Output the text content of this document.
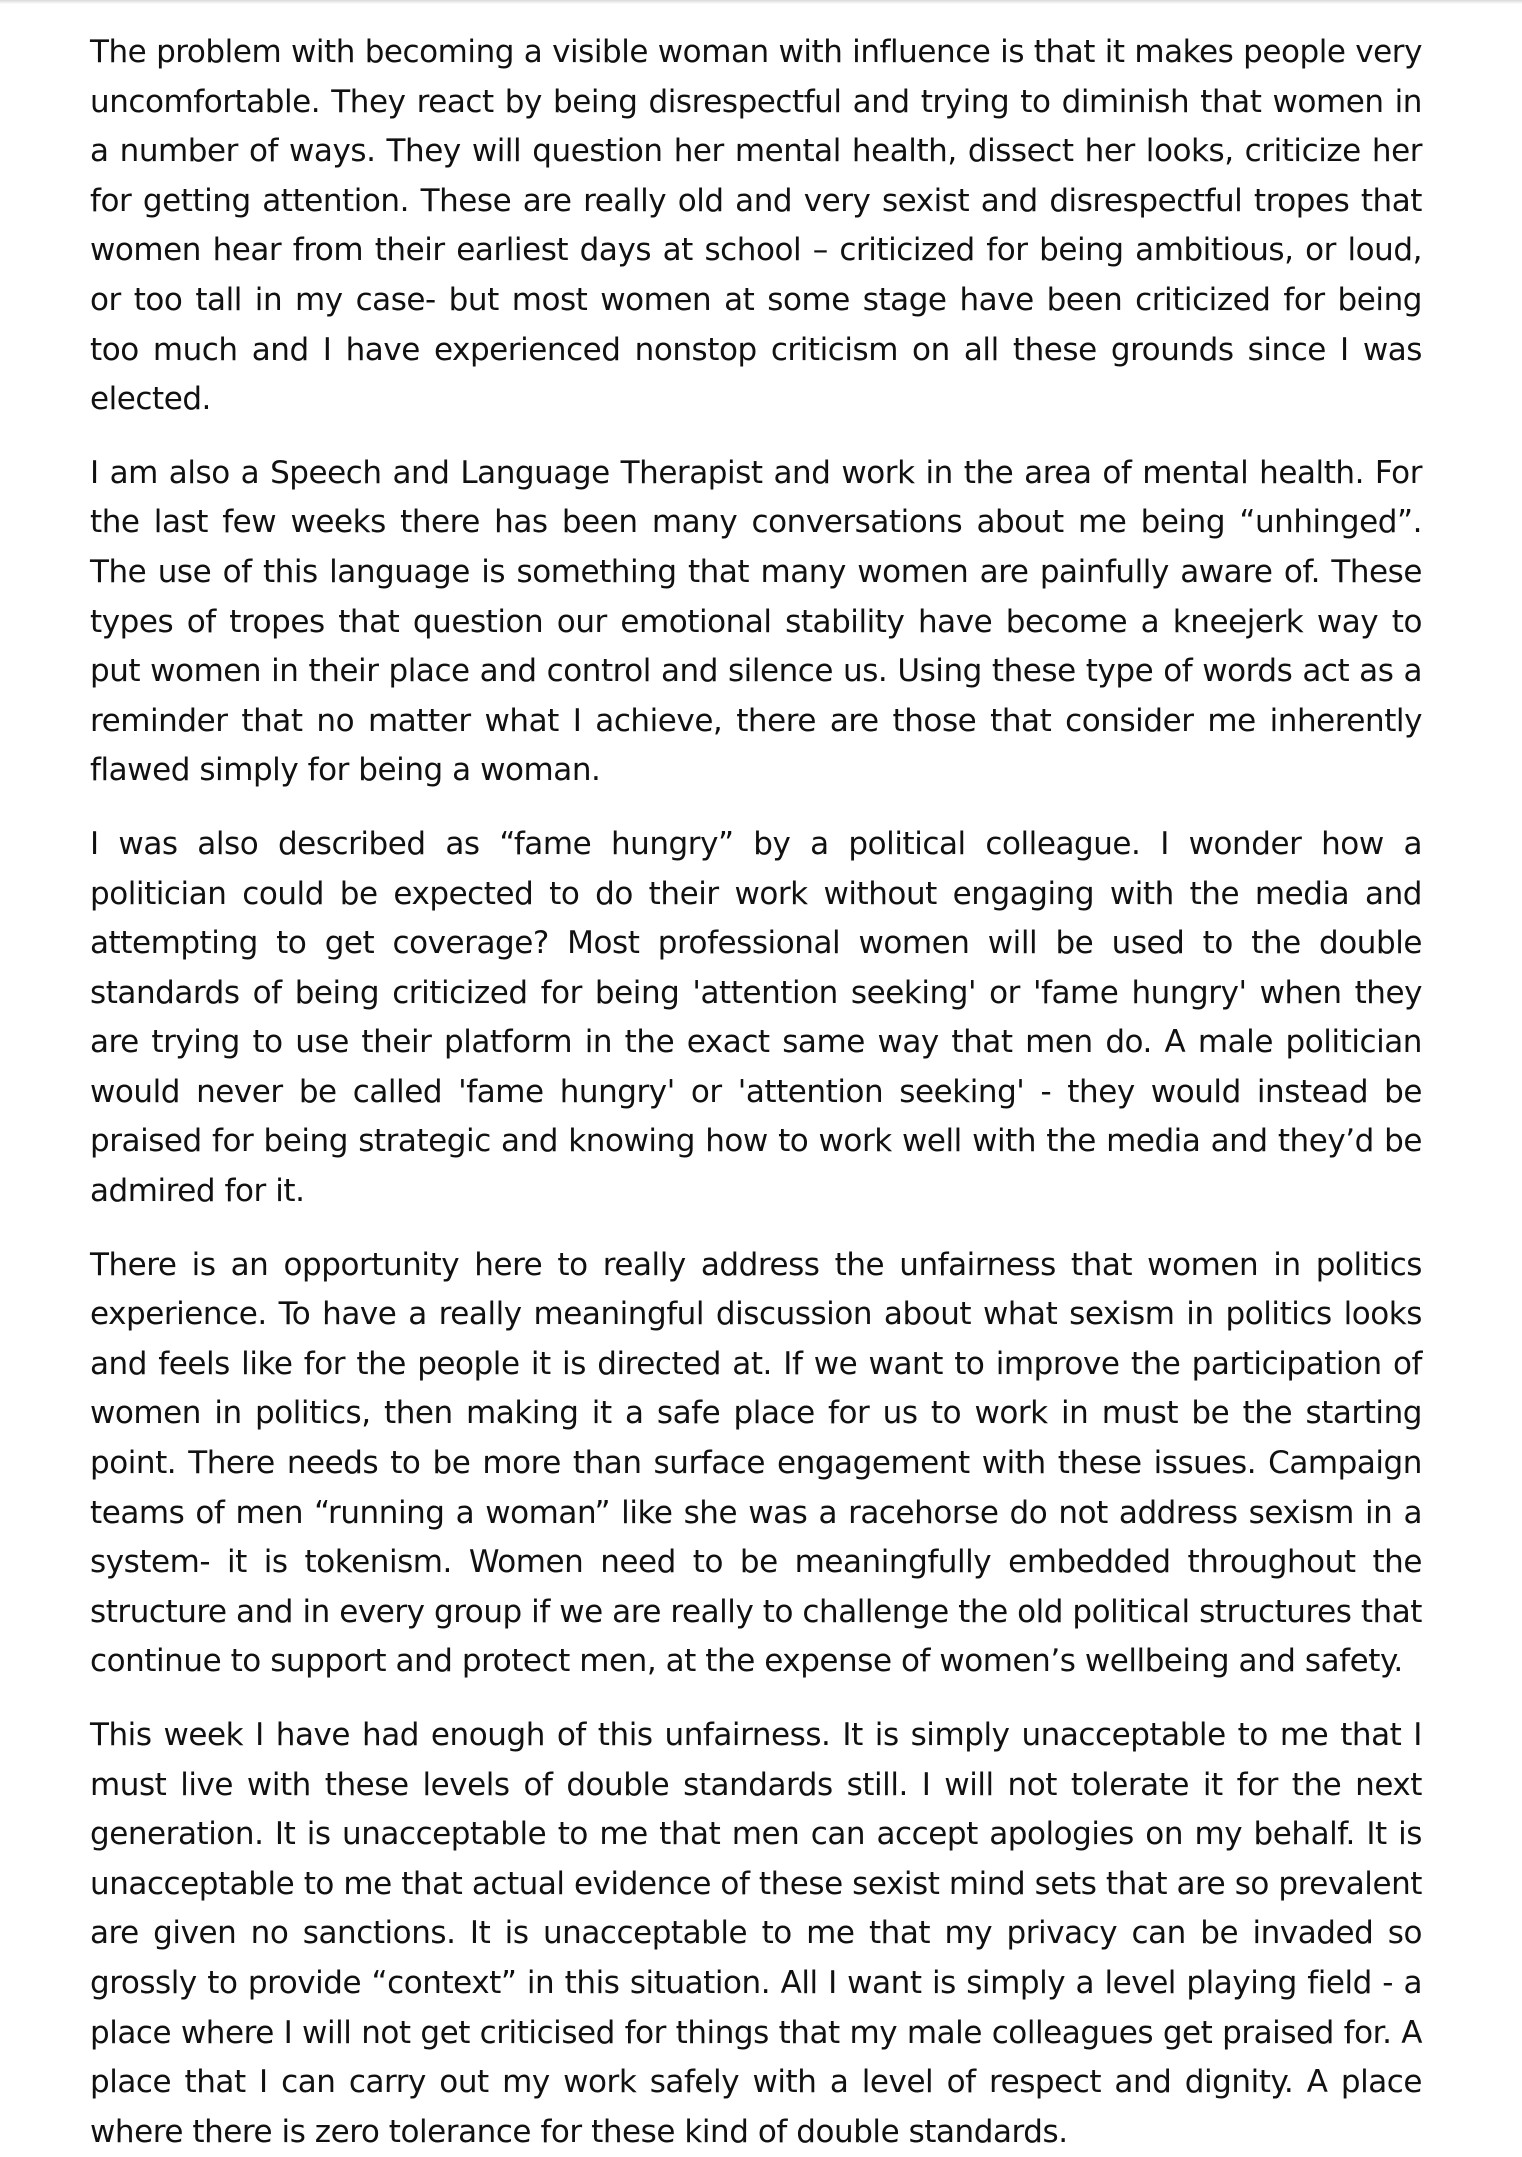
The problem with becoming a visible woman with influence is that it makes people very uncomfortable. They react by being disrespectful and trying to diminish that women in a number of ways. They will question her mental health, dissect her looks, criticize her for getting attention. These are really old and very sexist and disrespectful tropes that women hear from their earliest days at school – criticized for being ambitious, or loud, or too tall in my case- but most women at some stage have been criticized for being too much and I have experienced nonstop criticism on all these grounds since I was elected.

I am also a Speech and Language Therapist and work in the area of mental health. For the last few weeks there has been many conversations about me being “unhinged”. The use of this language is something that many women are painfully aware of. These types of tropes that question our emotional stability have become a kneejerk way to put women in their place and control and silence us. Using these type of words act as a reminder that no matter what I achieve, there are those that consider me inherently flawed simply for being a woman.

I was also described as “fame hungry” by a political colleague. I wonder how a politician could be expected to do their work without engaging with the media and attempting to get coverage? Most professional women will be used to the double standards of being criticized for being 'attention seeking' or 'fame hungry' when they are trying to use their platform in the exact same way that men do. A male politician would never be called 'fame hungry' or 'attention seeking' - they would instead be praised for being strategic and knowing how to work well with the media and they’d be admired for it.

There is an opportunity here to really address the unfairness that women in politics experience. To have a really meaningful discussion about what sexism in politics looks and feels like for the people it is directed at. If we want to improve the participation of women in politics, then making it a safe place for us to work in must be the starting point. There needs to be more than surface engagement with these issues. Campaign teams of men “running a woman” like she was a racehorse do not address sexism in a system- it is tokenism. Women need to be meaningfully embedded throughout the structure and in every group if we are really to challenge the old political structures that continue to support and protect men, at the expense of women’s wellbeing and safety.

This week I have had enough of this unfairness. It is simply unacceptable to me that I must live with these levels of double standards still. I will not tolerate it for the next generation. It is unacceptable to me that men can accept apologies on my behalf. It is unacceptable to me that actual evidence of these sexist mind sets that are so prevalent are given no sanctions. It is unacceptable to me that my privacy can be invaded so grossly to provide “context” in this situation. All I want is simply a level playing field - a place where I will not get criticised for things that my male colleagues get praised for. A place that I can carry out my work safely with a level of respect and dignity. A place where there is zero tolerance for these kind of double standards.
